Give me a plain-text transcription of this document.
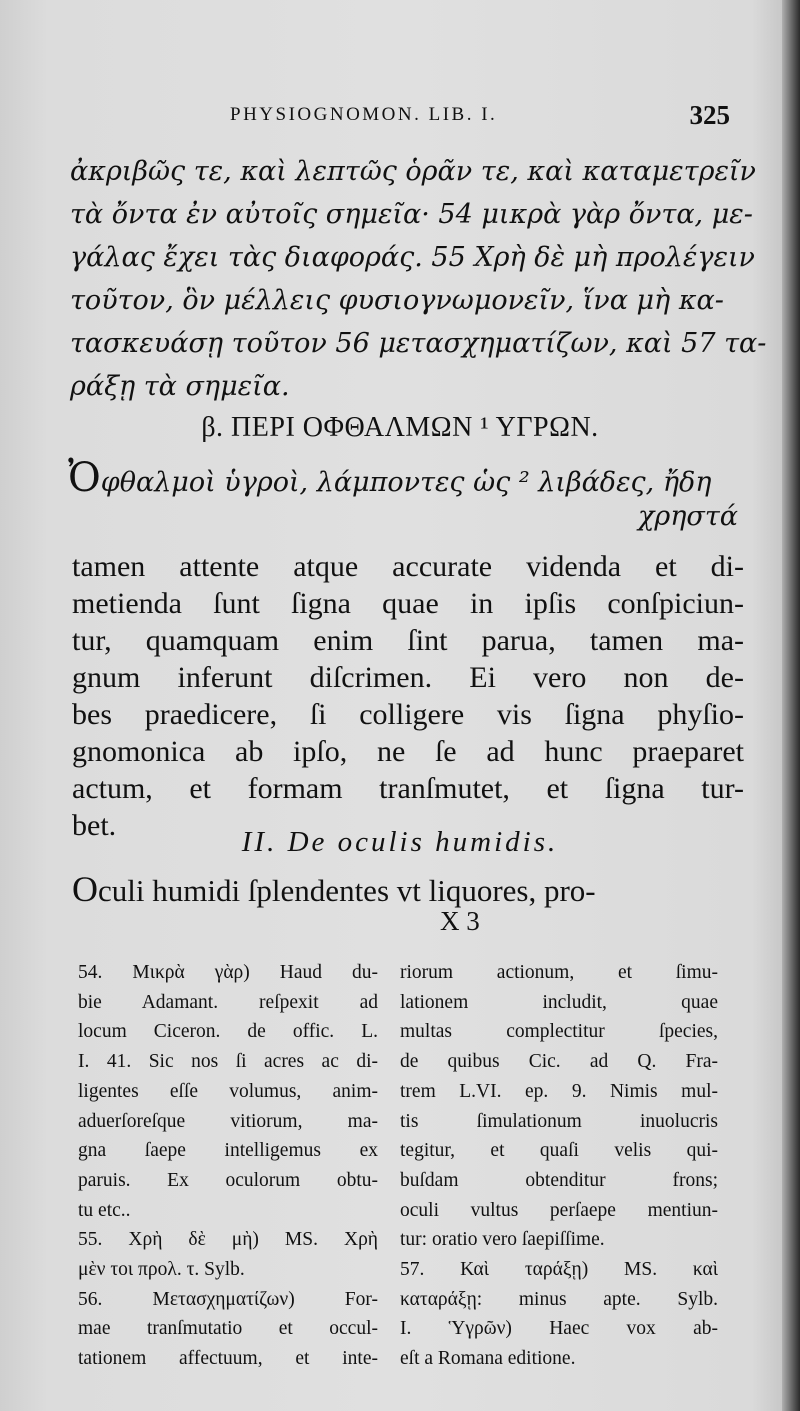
PHYSIOGNOMON. LIB. I.	325
ἀκριβῶς τε, καὶ λεπτῶς ὁρᾶν τε, καὶ καταμετρεῖν
τὰ ὄντα ἐν αὐτοῖς σημεῖα· 54 μικρὰ γὰρ ὄντα, με-
γάλας ἔχει τὰς διαφοράς. 55 Χρὴ δὲ μὴ προλέγειν
τοῦτον, ὃν μέλλεις φυσιογνωμονεῖν, ἵνα μὴ κα-
τασκευάσῃ τοῦτον 56 μετασχηματίζων, καὶ 57 τα-
ράξῃ τὰ σημεῖα.
β. ΠΕΡΙ ΟΦΘΑΛΜΩΝ ¹ ΥΓΡΩΝ.
Ὀφθαλμοὶ ὑγροὶ, λάμποντες ὡς ² λιβάδες, ἤδη
χρηστά
tamen attente atque accurate videnda et di-
metienda ſunt ſigna quae in ipſis conſpiciun-
tur, quamquam enim ſint parua, tamen ma-
gnum inferunt diſcrimen. Ei vero non de-
bes praedicere, ſi colligere vis ſigna phyſio-
gnomonica ab ipſo, ne ſe ad hunc praeparet
actum, et formam tranſmutet, et ſigna tur-
bet.	II. De oculis humidis.
Oculi humidi ſplendentes vt liquores, pro-
X 3
54. Μικρὰ γὰρ) Haud du-
bie Adamant. reſpexit ad
locum Ciceron. de offic. L.
I. 41. Sic nos ſi acres ac di-
ligentes eſſe volumus, anim-
aduerſoreſque vitiorum, ma-
gna ſaepe intelligemus ex
paruis. Ex oculorum obtu-
tu etc..
55. Χρὴ δὲ μὴ) MS. Χρὴ
μὲν τοι προλ. τ. Sylb.
56. Μετασχηματίζων) For-
mae tranſmutatio et occul-
tationem affectuum, et inte-
riorum actionum, et ſimu-
lationem includit, quae
multas complectitur ſpecies,
de quibus Cic. ad Q. Fra-
trem L.VI. ep. 9. Nimis mul-
tis ſimulationum inuolucris
tegitur, et quaſi velis qui-
buſdam obtenditur frons;
oculi vultus perſaepe mentiun-
tur: oratio vero ſaepiſſime.
57. Καὶ ταράξῃ) MS. καὶ
καταράξῃ: minus apte. Sylb.
I. Ὑγρῶν) Haec vox ab-
eſt a Romana editione.
